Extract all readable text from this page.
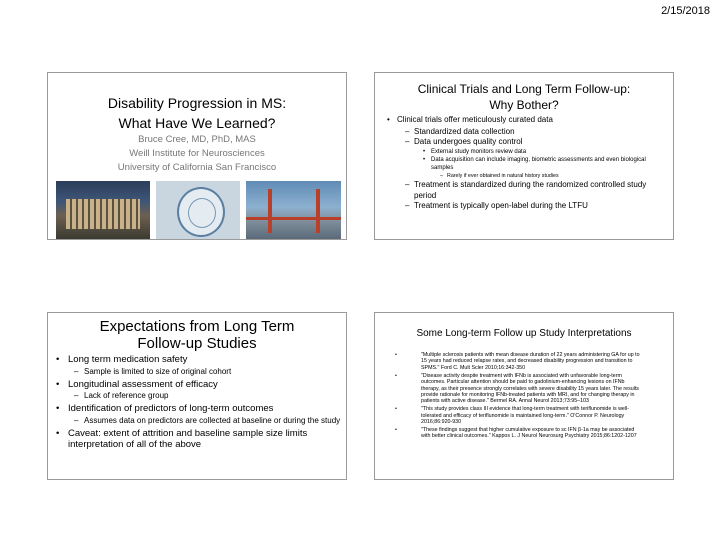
2/15/2018
Disability Progression in MS:
What Have We Learned?
Bruce Cree, MD, PhD, MAS
Weill Institute for Neurosciences
University of California San Francisco
Clinical Trials and Long Term Follow-up:
Why Bother?
• Clinical trials offer meticulously curated data
– Standardized data collection
– Data undergoes quality control
• External study monitors review data
• Data acquisition can include imaging, biometric assessments and even biological samples
– Rarely if ever obtained in natural history studies
– Treatment is standardized during the randomized controlled study period
– Treatment is typically open-label during the LTFU
Expectations from Long Term
Follow-up Studies
• Long term medication safety
– Sample is limited to size of original cohort
• Longitudinal assessment of efficacy
– Lack of reference group
• Identification of predictors of long-term outcomes
– Assumes data on predictors are collected at baseline or during the study
• Caveat: extent of attrition and baseline sample size limits interpretation of all of the above
Some Long-term Follow up Study Interpretations
• "Multiple sclerosis patients with mean disease duration of 22 years administering GA for up to 15 years had reduced relapse rates, and decreased disability progression and transition to SPMS." Ford C. Mult Scler 2010;16:342-350
• "Disease activity despite treatment with IFNb is associated with unfavorable long-term outcomes. Particular attention should be paid to gadolinium-enhancing lesions on IFNb therapy, as their presence strongly correlates with severe disability 15 years later. The results provide rationale for monitoring IFNb-treated patients with MRI, and for changing therapy in patients with active disease." Bermel RA. Annal Neurol 2013;73:95–103
• "This study provides class III evidence that long-term treatment with teriflunomide is well-tolerated and efficacy of teriflunomide is maintained long-term." O'Connor P. Neurology 2016;86:920-930
• "These findings suggest that higher cumulative exposure to sc IFN β-1a may be associated with better clinical outcomes." Kappos L. J Neurol Neurosurg Psychiatry 2015;86:1202-1207
